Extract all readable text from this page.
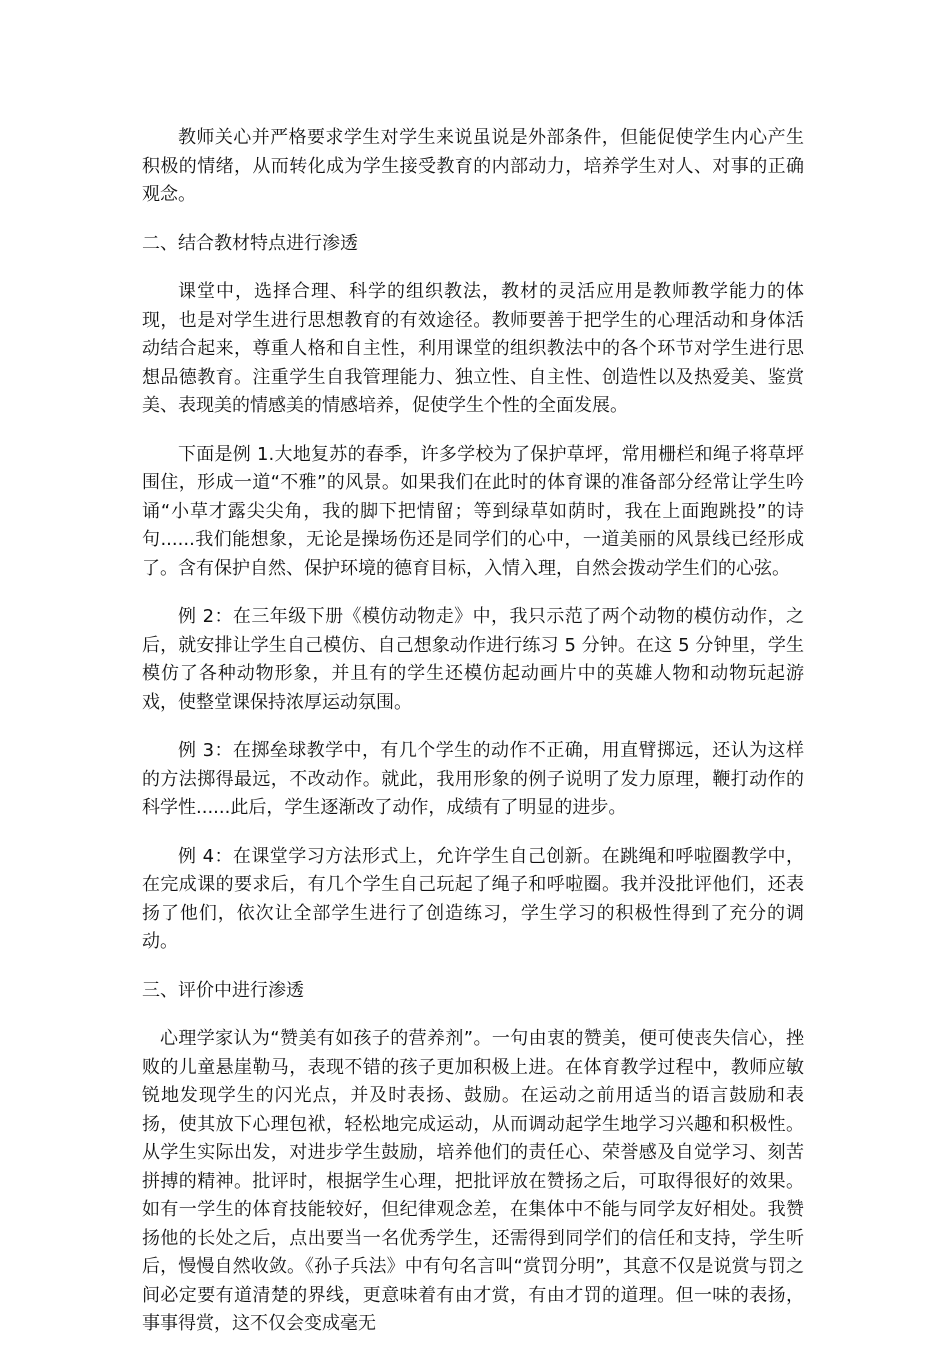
教师关心并严格要求学生对学生来说虽说是外部条件，但能促使学生内心产生积极的情绪，从而转化成为学生接受教育的内部动力，培养学生对人、对事的正确观念。

二、结合教材特点进行渗透

课堂中，选择合理、科学的组织教法，教材的灵活应用是教师教学能力的体现，也是对学生进行思想教育的有效途径。教师要善于把学生的心理活动和身体活动结合起来，尊重人格和自主性，利用课堂的组织教法中的各个环节对学生进行思想品德教育。注重学生自我管理能力、独立性、自主性、创造性以及热爱美、鉴赏美、表现美的情感美的情感培养，促使学生个性的全面发展。

下面是例 1.大地复苏的春季，许多学校为了保护草坪，常用栅栏和绳子将草坪围住，形成一道“不雅”的风景。如果我们在此时的体育课的准备部分经常让学生吟诵“小草才露尖尖角，我的脚下把情留；等到绿草如荫时，我在上面跑跳投”的诗句......我们能想象，无论是操场伤还是同学们的心中，一道美丽的风景线已经形成了。含有保护自然、保护环境的德育目标，入情入理，自然会拨动学生们的心弦。

例 2：在三年级下册《模仿动物走》中，我只示范了两个动物的模仿动作，之后，就安排让学生自己模仿、自己想象动作进行练习 5 分钟。在这 5 分钟里，学生模仿了各种动物形象，并且有的学生还模仿起动画片中的英雄人物和动物玩起游戏，使整堂课保持浓厚运动氛围。

例 3：在掷垒球教学中，有几个学生的动作不正确，用直臂掷远，还认为这样的方法掷得最远，不改动作。就此，我用形象的例子说明了发力原理，鞭打动作的科学性......此后，学生逐渐改了动作，成绩有了明显的进步。

例 4：在课堂学习方法形式上，允许学生自己创新。在跳绳和呼啦圈教学中，在完成课的要求后，有几个学生自己玩起了绳子和呼啦圈。我并没批评他们，还表扬了他们，依次让全部学生进行了创造练习，学生学习的积极性得到了充分的调动。

三、评价中进行渗透

心理学家认为“赞美有如孩子的营养剂”。一句由衷的赞美，便可使丧失信心，挫败的儿童悬崖勒马，表现不错的孩子更加积极上进。在体育教学过程中，教师应敏锐地发现学生的闪光点，并及时表扬、鼓励。在运动之前用适当的语言鼓励和表扬，使其放下心理包袱，轻松地完成运动，从而调动起学生地学习兴趣和积极性。从学生实际出发，对进步学生鼓励，培养他们的责任心、荣誉感及自觉学习、刻苦拼搏的精神。批评时，根据学生心理，把批评放在赞扬之后，可取得很好的效果。如有一学生的体育技能较好，但纪律观念差，在集体中不能与同学友好相处。我赞扬他的长处之后，点出要当一名优秀学生，还需得到同学们的信任和支持，学生听后，慢慢自然收敛。《孙子兵法》中有句名言叫“赏罚分明”，其意不仅是说赏与罚之间必定要有道清楚的界线，更意味着有由才赏，有由才罚的道理。但一味的表扬，事事得赏，这不仅会变成毫无
